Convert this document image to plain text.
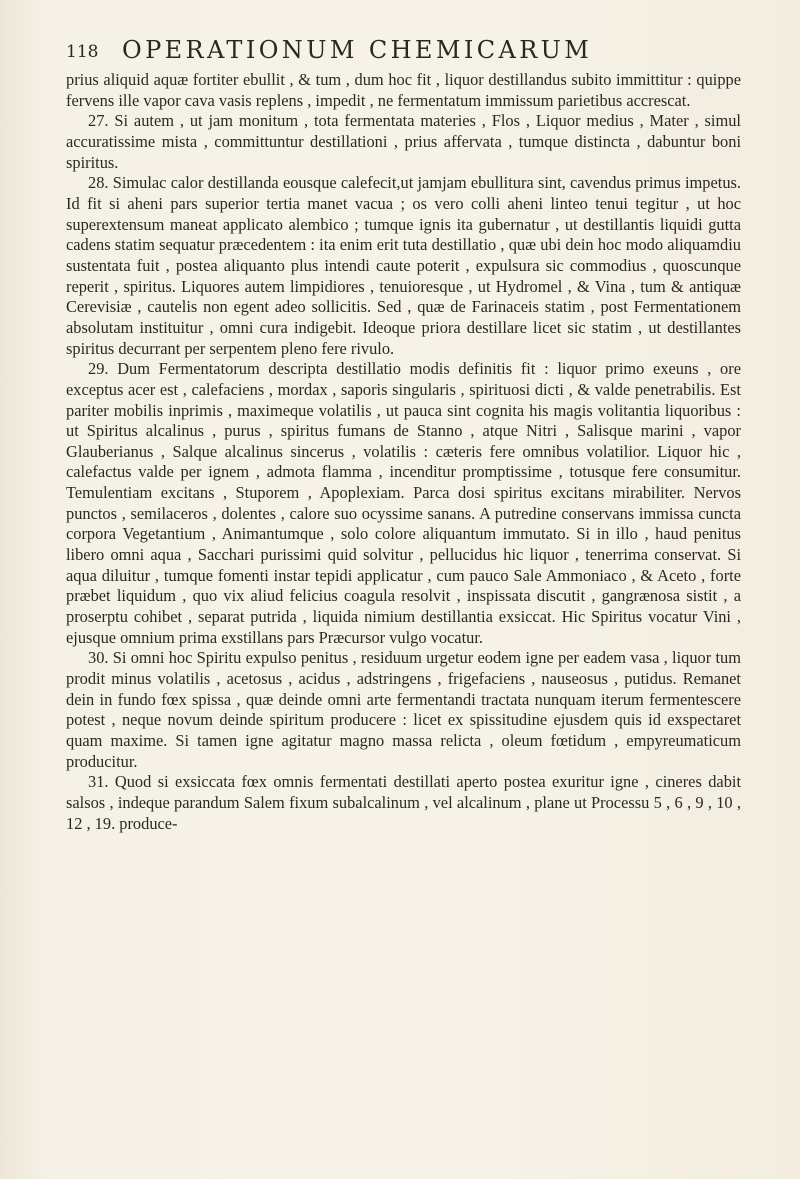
118 OPERATIONUM CHEMICARUM

prius aliquid aquæ fortiter ebullit , & tum , dum hoc fit , liquor destillandus subito immittitur : quippe fervens ille vapor cava vasis replens , impedit , ne fermentatum immissum parietibus accrescat.

27. Si autem , ut jam monitum , tota fermentata materies , Flos , Liquor medius , Mater , simul accuratissime mista , committuntur destillationi , prius affervata , tumque distincta , dabuntur boni spiritus.

28. Simulac calor destillanda eousque calefecit,ut jamjam ebullitura sint, cavendus primus impetus. Id fit si aheni pars superior tertia manet vacua ; os vero colli aheni linteo tenui tegitur , ut hoc superextensum maneat applicato alembico ; tumque ignis ita gubernatur , ut destillantis liquidi gutta cadens statim sequatur præcedentem : ita enim erit tuta destillatio , quæ ubi dein hoc modo aliquamdiu sustentata fuit , postea aliquanto plus intendi caute poterit , expulsura sic commodius , quoscunque reperit , spiritus. Liquores autem limpidiores , tenuioresque , ut Hydromel , & Vina , tum & antiquæ Cerevisiæ , cautelis non egent adeo sollicitis. Sed , quæ de Farinaceis statim , post Fermentationem absolutam instituitur , omni cura indigebit. Ideoque priora destillare licet sic statim , ut destillantes spiritus decurrant per serpentem pleno fere rivulo.

29. Dum Fermentatorum descripta destillatio modis definitis fit : liquor primo exeuns , ore exceptus acer est , calefaciens , mordax , saporis singularis , spirituosi dicti , & valde penetrabilis. Est pariter mobilis inprimis , maximeque volatilis , ut pauca sint cognita his magis volitantia liquoribus : ut Spiritus alcalinus , purus , spiritus fumans de Stanno , atque Nitri , Salisque marini , vapor Glauberianus , Salque alcalinus sincerus , volatilis : cæteris fere omnibus volatilior. Liquor hic , calefactus valde per ignem , admota flamma , incenditur promptissime , totusque fere consumitur. Temulentiam excitans , Stuporem , Apoplexiam. Parca dosi spiritus excitans mirabiliter. Nervos punctos , semilaceros , dolentes , calore suo ocyssime sanans. A putredine conservans immissa cuncta corpora Vegetantium , Animantumque , solo colore aliquantum immutato. Si in illo , haud penitus libero omni aqua , Sacchari purissimi quid solvitur , pellucidus hic liquor , tenerrima conservat. Si aqua diluitur , tumque fomenti instar tepidi applicatur , cum pauco Sale Ammoniaco , & Aceto , forte præbet liquidum , quo vix aliud felicius coagula resolvit , inspissata discutit , gangrænosa sistit , a proserptu cohibet , separat putrida , liquida nimium destillantia exsiccat. Hic Spiritus vocatur Vini , ejusque omnium prima exstillans pars Præcursor vulgo vocatur.

30. Si omni hoc Spiritu expulso penitus , residuum urgetur eodem igne per eadem vasa , liquor tum prodit minus volatilis , acetosus , acidus , adstringens , frigefaciens , nauseosus , putidus. Remanet dein in fundo fœx spissa , quæ deinde omni arte fermentandi tractata nunquam iterum fermentescere potest , neque novum deinde spiritum producere : licet ex spissitudine ejusdem quis id exspectaret quam maxime. Si tamen igne agitatur magno massa relicta , oleum fœtidum , empyreumaticum producitur.

31. Quod si exsiccata fœx omnis fermentati destillati aperto postea exuritur igne , cineres dabit salsos , indeque parandum Salem fixum subalcalinum , vel alcalinum , plane ut Processu 5 , 6 , 9 , 10 , 12 , 19. produce-
